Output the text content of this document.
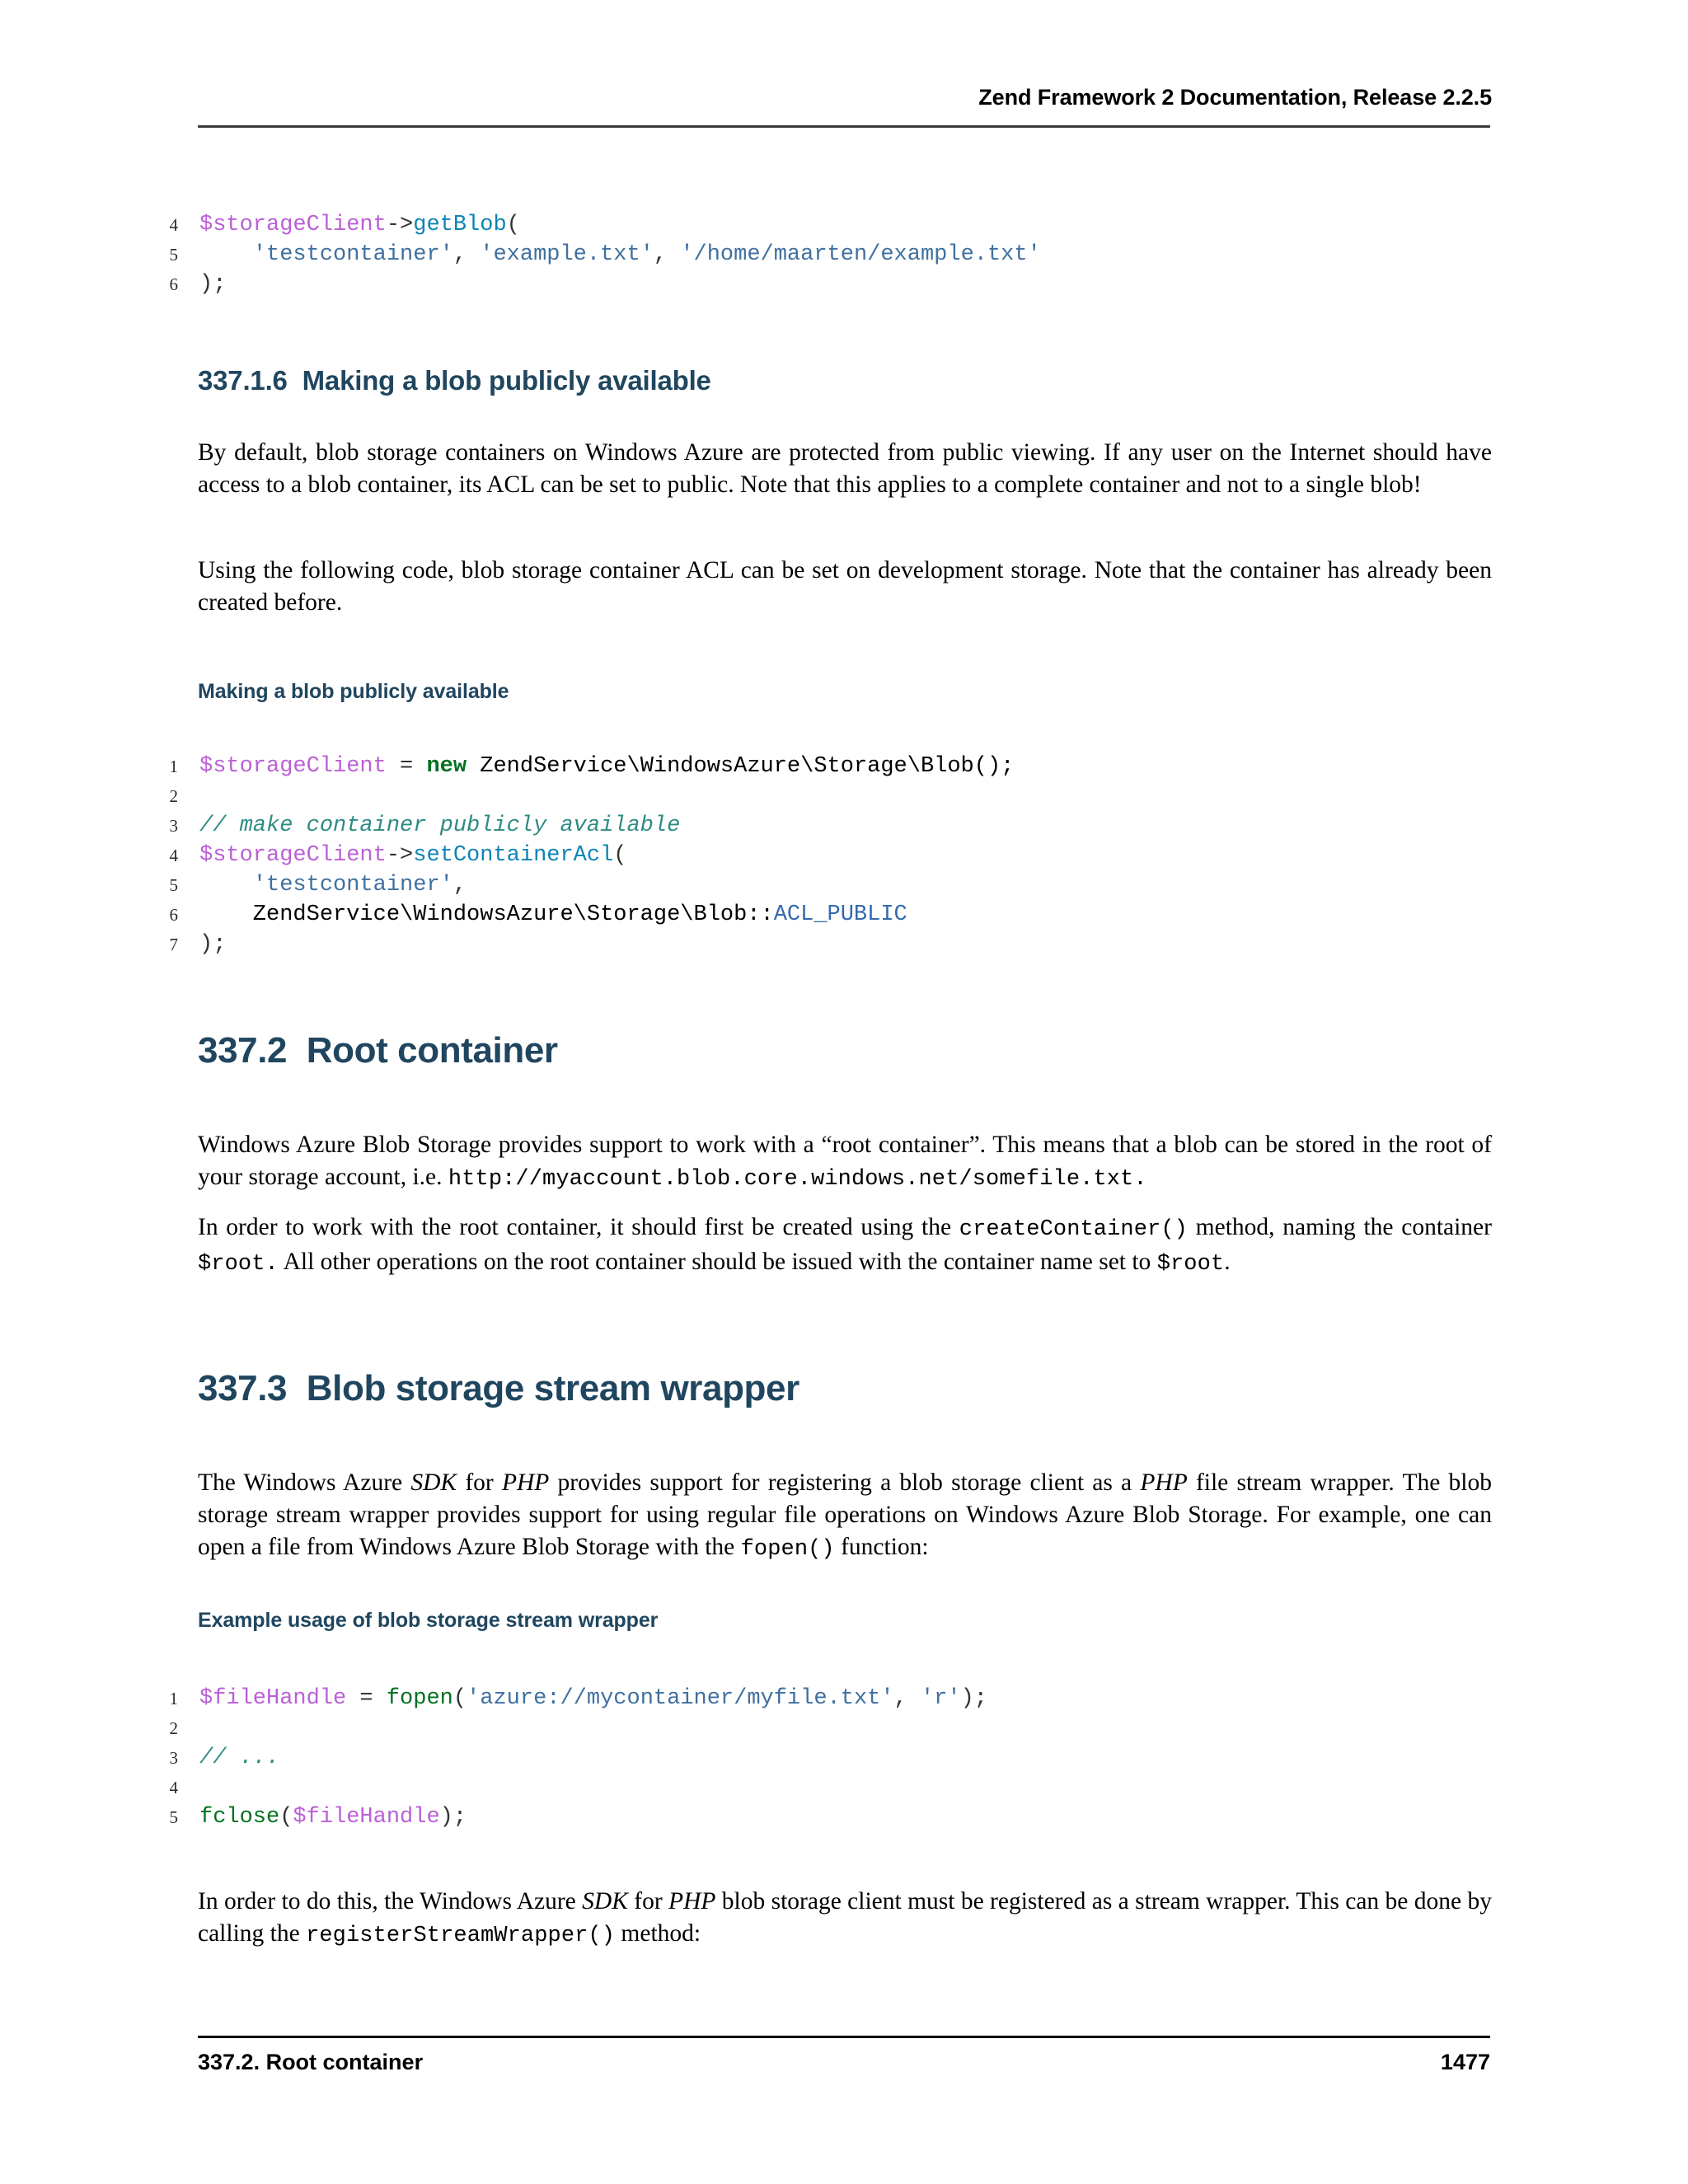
Zend Framework 2 Documentation, Release 2.2.5
4 $storageClient->getBlob(
5	'testcontainer', 'example.txt', '/home/maarten/example.txt'
6 );
337.1.6 Making a blob publicly available

By default, blob storage containers on Windows Azure are protected from public viewing. If any user on the Internet should have access to a blob container, its ACL can be set to public. Note that this applies to a complete container and not to a single blob!

Using the following code, blob storage container ACL can be set on development storage. Note that the container has already been created before.

Making a blob publicly available
1 $storageClient = new ZendService\WindowsAzure\Storage\Blob();
2
3 // make container publicly available
4 $storageClient->setContainerAcl(
5	'testcontainer',
6 ZendService\WindowsAzure\Storage\Blob::ACL_PUBLIC
7 );
337.2 Root container

Windows Azure Blob Storage provides support to work with a “root container”. This means that a blob can be stored in the root of your storage account, i.e. http://myaccount.blob.core.windows.net/somefile.txt.

In order to work with the root container, it should first be created using the createContainer() method, naming the container $root. All other operations on the root container should be issued with the container name set to $root.

337.3 Blob storage stream wrapper

The Windows Azure SDK for PHP provides support for registering a blob storage client as a PHP file stream wrapper. The blob storage stream wrapper provides support for using regular file operations on Windows Azure Blob Storage. For example, one can open a file from Windows Azure Blob Storage with the fopen() function:

Example usage of blob storage stream wrapper
1 $fileHandle = fopen('azure://mycontainer/myfile.txt', 'r');
2
3 // ...
4
5 fclose($fileHandle);

In order to do this, the Windows Azure SDK for PHP blob storage client must be registered as a stream wrapper. This can be done by calling the registerStreamWrapper() method:

337.2. Root container	1477
